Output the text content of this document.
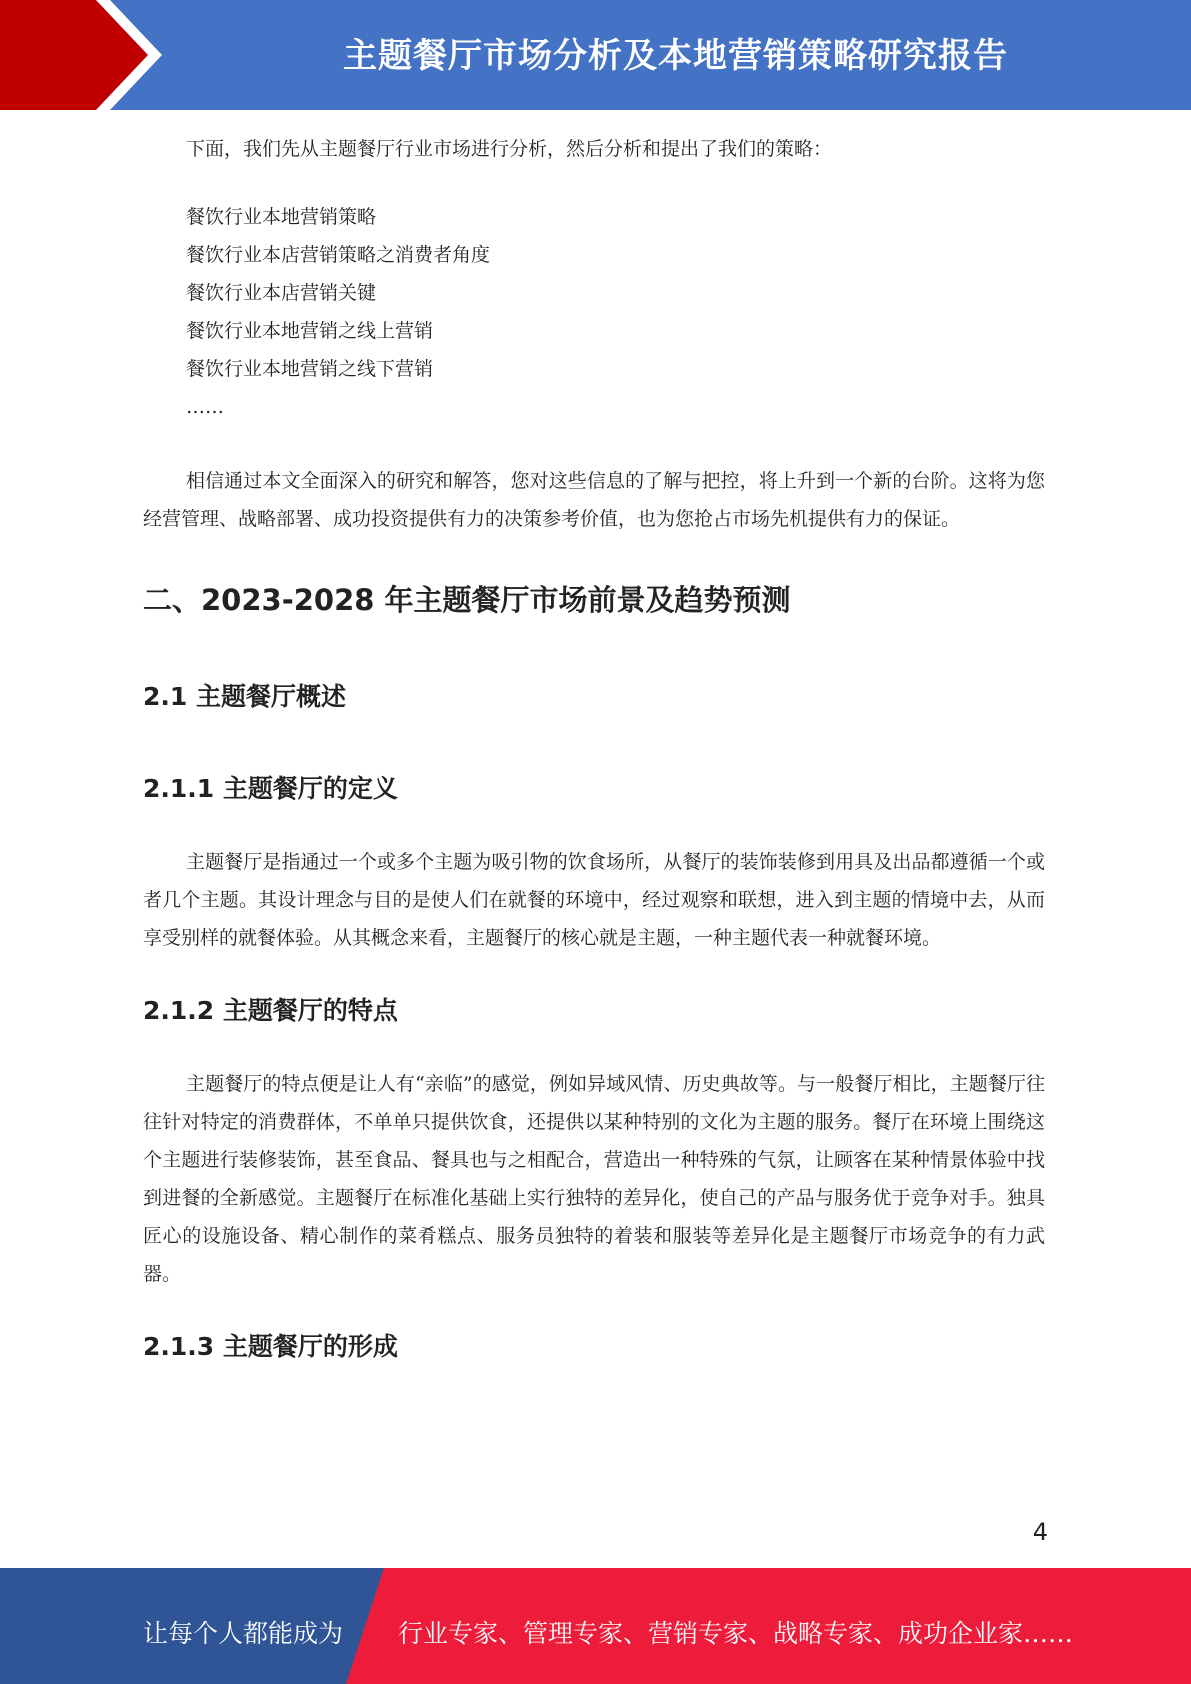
主题餐厅市场分析及本地营销策略研究报告

下面，我们先从主题餐厅行业市场进行分析，然后分析和提出了我们的策略：

餐饮行业本地营销策略
餐饮行业本店营销策略之消费者角度
餐饮行业本店营销关键
餐饮行业本地营销之线上营销
餐饮行业本地营销之线下营销
……

相信通过本文全面深入的研究和解答，您对这些信息的了解与把控，将上升到一个新的台阶。这将为您经营管理、战略部署、成功投资提供有力的决策参考价值，也为您抢占市场先机提供有力的保证。

二、2023-2028 年主题餐厅市场前景及趋势预测
2.1 主题餐厅概述
2.1.1 主题餐厅的定义

主题餐厅是指通过一个或多个主题为吸引物的饮食场所，从餐厅的装饰装修到用具及出品都遵循一个或者几个主题。其设计理念与目的是使人们在就餐的环境中，经过观察和联想，进入到主题的情境中去，从而享受别样的就餐体验。从其概念来看，主题餐厅的核心就是主题，一种主题代表一种就餐环境。

2.1.2 主题餐厅的特点

主题餐厅的特点便是让人有“亲临”的感觉，例如异域风情、历史典故等。与一般餐厅相比，主题餐厅往往针对特定的消费群体，不单单只提供饮食，还提供以某种特别的文化为主题的服务。餐厅在环境上围绕这个主题进行装修装饰，甚至食品、餐具也与之相配合，营造出一种特殊的气氛，让顾客在某种情景体验中找到进餐的全新感觉。主题餐厅在标准化基础上实行独特的差异化，使自己的产品与服务优于竞争对手。独具匠心的设施设备、精心制作的菜肴糕点、服务员独特的着装和服装等差异化是主题餐厅市场竞争的有力武器。

2.1.3 主题餐厅的形成
4
让每个人都能成为 行业专家、管理专家、营销专家、战略专家、成功企业家……
